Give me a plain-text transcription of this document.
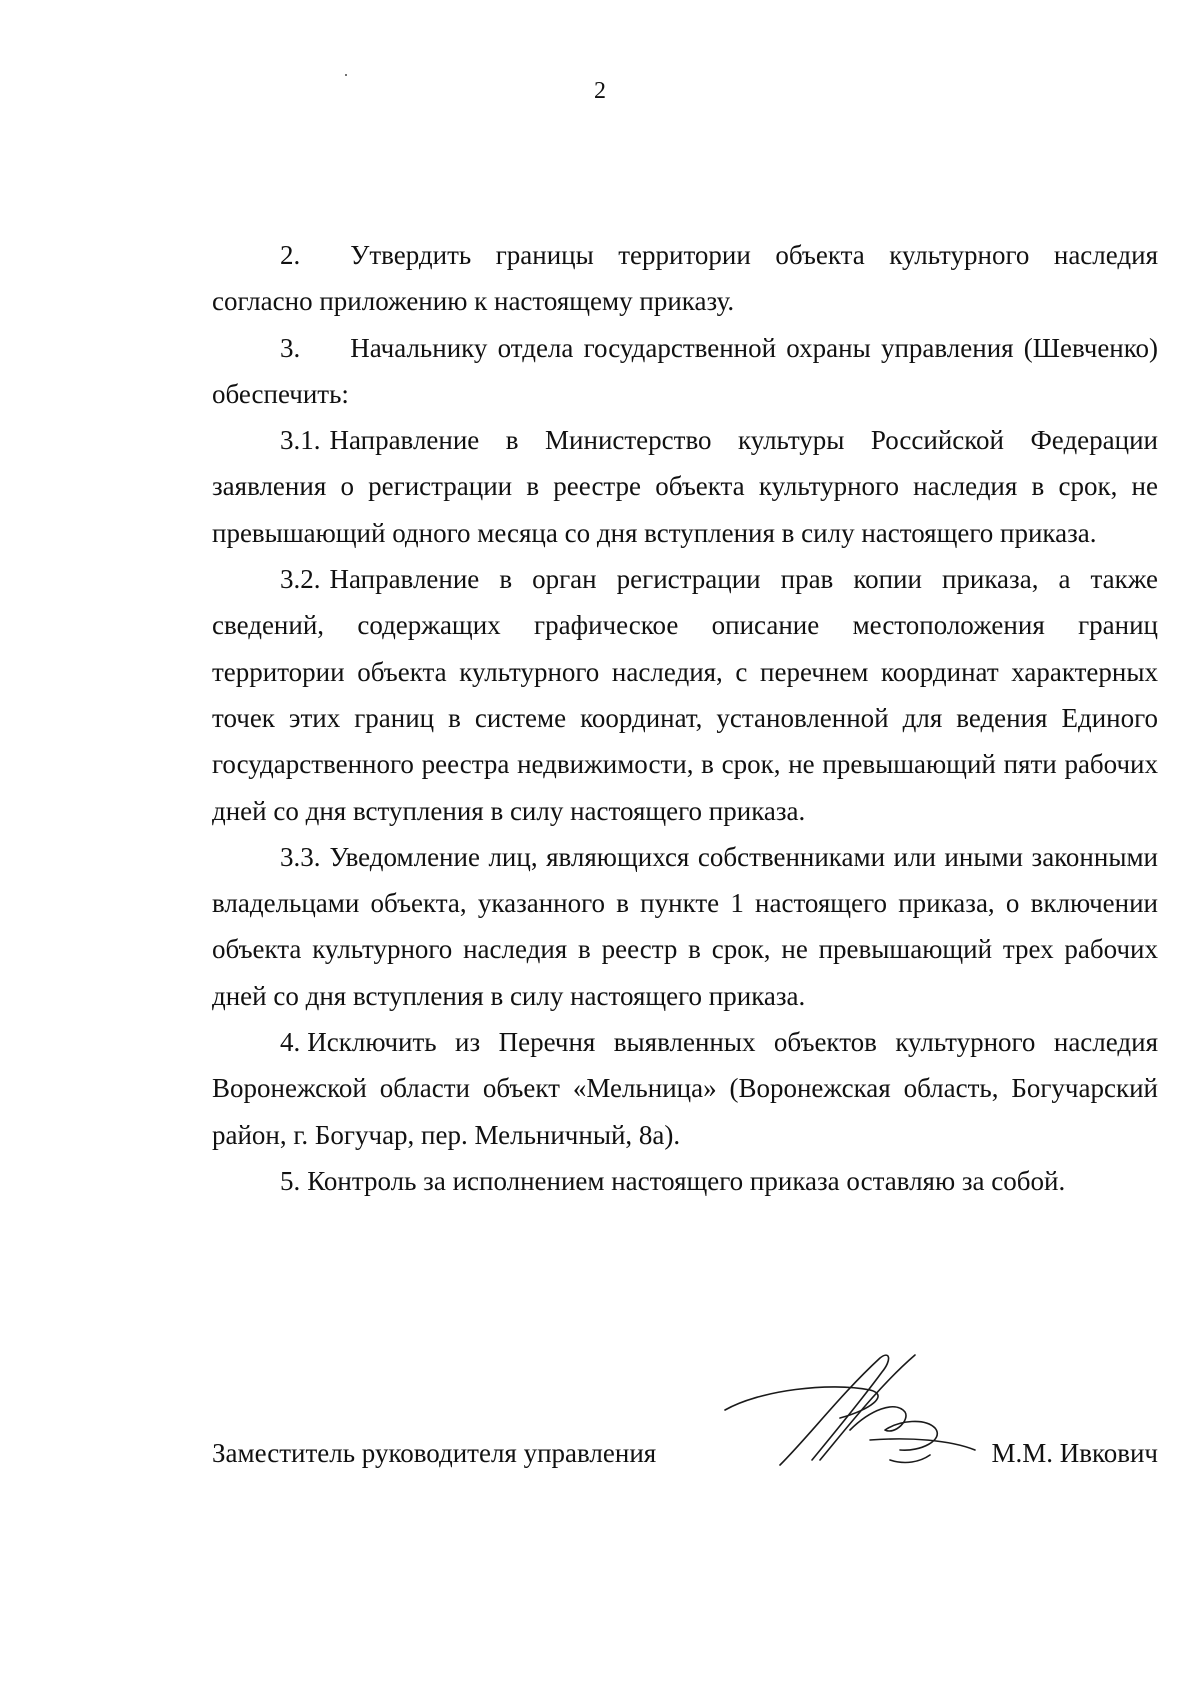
2

2. Утвердить границы территории объекта культурного наследия согласно приложению к настоящему приказу.

3. Начальнику отдела государственной охраны управления (Шевченко) обеспечить:

3.1. Направление в Министерство культуры Российской Федерации заявления о регистрации в реестре объекта культурного наследия в срок, не превышающий одного месяца со дня вступления в силу настоящего приказа.

3.2. Направление в орган регистрации прав копии приказа, а также сведений, содержащих графическое описание местоположения границ территории объекта культурного наследия, с перечнем координат характерных точек этих границ в системе координат, установленной для ведения Единого государственного реестра недвижимости, в срок, не превышающий пяти рабочих дней со дня вступления в силу настоящего приказа.

3.3. Уведомление лиц, являющихся собственниками или иными законными владельцами объекта, указанного в пункте 1 настоящего приказа, о включении объекта культурного наследия в реестр в срок, не превышающий трех рабочих дней со дня вступления в силу настоящего приказа.

4. Исключить из Перечня выявленных объектов культурного наследия Воронежской области объект «Мельница» (Воронежская область, Богучарский район, г. Богучар, пер. Мельничный, 8а).

5. Контроль за исполнением настоящего приказа оставляю за собой.

Заместитель руководителя управления	М.М. Ивкович
